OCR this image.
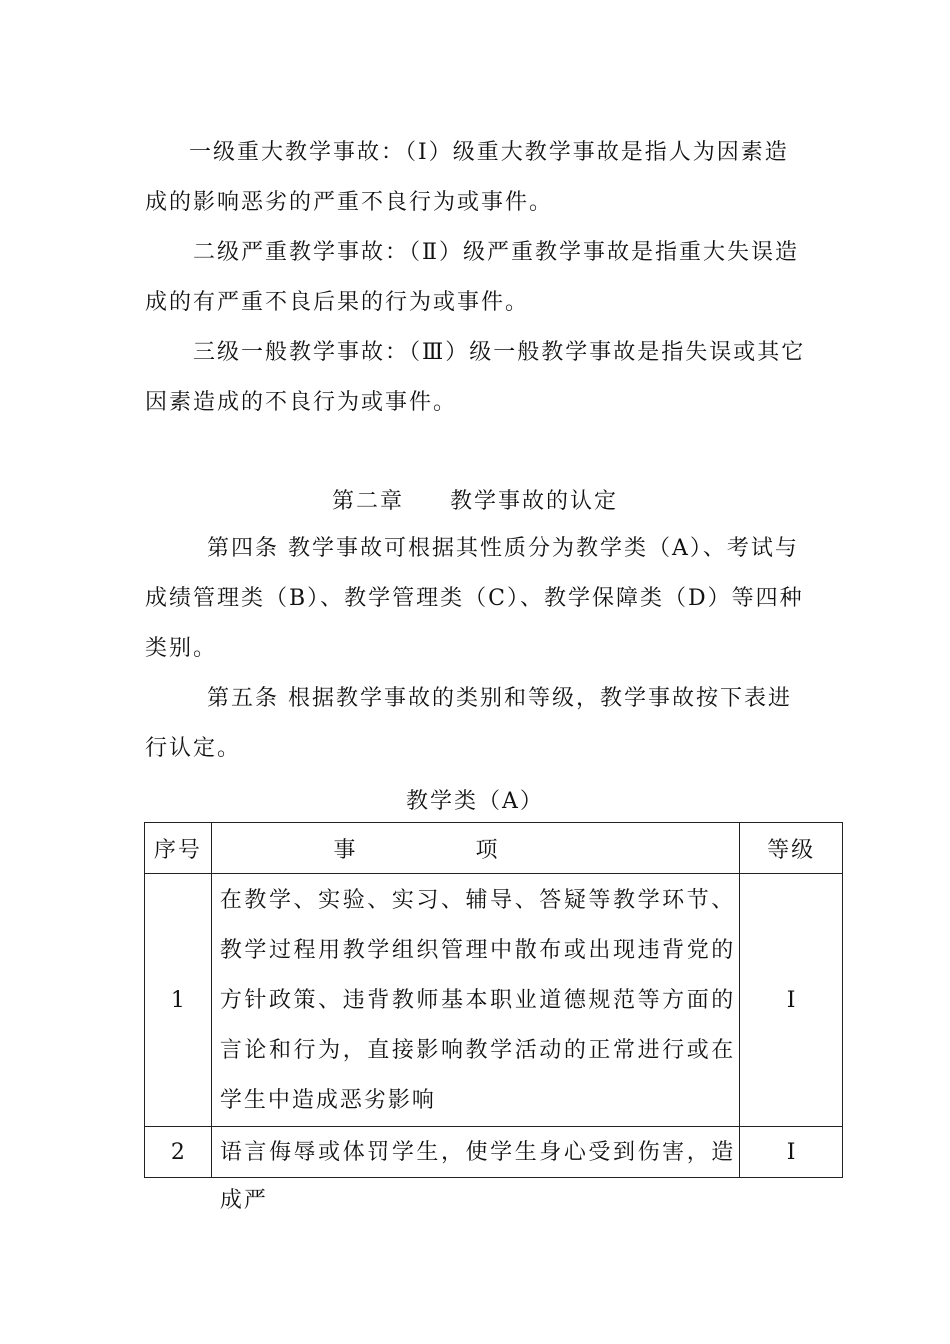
一级重大教学事故：（Ⅰ）级重大教学事故是指人为因素造成的影响恶劣的严重不良行为或事件。

二级严重教学事故：（Ⅱ）级严重教学事故是指重大失误造成的有严重不良后果的行为或事件。

三级一般教学事故：（Ⅲ）级一般教学事故是指失误或其它因素造成的不良行为或事件。

第二章 教学事故的认定

第四条 教学事故可根据其性质分为教学类（A）、考试与成绩管理类（B）、教学管理类（C）、教学保障类（D）等四种类别。

第五条 根据教学事故的类别和等级，教学事故按下表进行认定。

教学类（A）

序号	事项	等级
1	在教学、实验、实习、辅导、答疑等教学环节、教学过程用教学组织管理中散布或出现违背党的方针政策、违背教师基本职业道德规范等方面的言论和行为，直接影响教学活动的正常进行或在学生中造成恶劣影响	Ⅰ
2	语言侮辱或体罚学生，使学生身心受到伤害，造成严	Ⅰ
